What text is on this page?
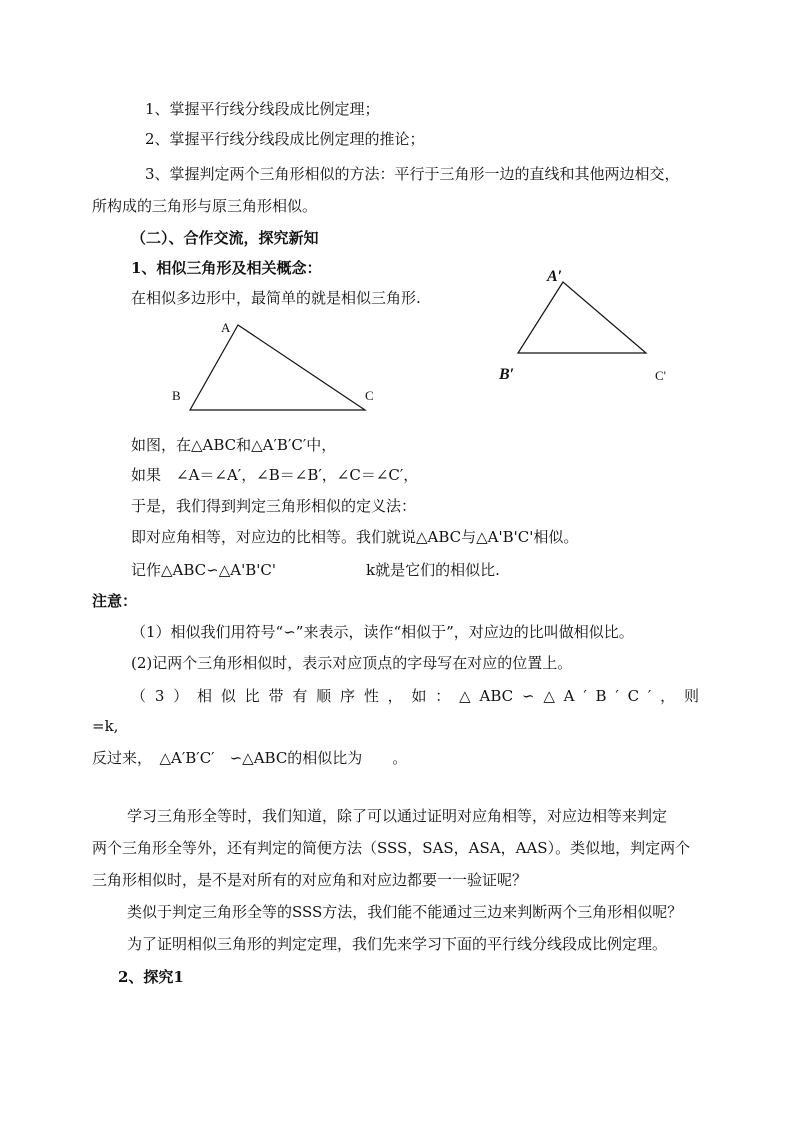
1、掌握平行线分线段成比例定理；
2、掌握平行线分线段成比例定理的推论；
3、掌握判定两个三角形相似的方法：平行于三角形一边的直线和其他两边相交，
所构成的三角形与原三角形相似。
（二）、合作交流，探究新知
1、相似三角形及相关概念：
在相似多边形中，最简单的就是相似三角形.
A
B	C
A′
B′	C'
如图，在△ABC和△A′B′C′中，
如果　∠A＝∠A′，∠B＝∠B′，∠C＝∠C′，
于是，我们得到判定三角形相似的定义法：
即对应角相等，对应边的比相等。我们就说△ABC与△A'B'C'相似。
记作△ABC∽△A'B'C'	k就是它们的相似比.
注意：
（1）相似我们用符号“∽”来表示，读作“相似于”，对应边的比叫做相似比。
(2)记两个三角形相似时，表示对应顶点的字母写在对应的位置上。
（ 3 ） 相 似 比 带 有 顺 序 性 ， 如 ： △ ABC ∽ △ A ′ B ′ C ′ ， 则
=k,
反过来，　△A′B′C′　∽△ABC的相似比为　　。
学习三角形全等时，我们知道，除了可以通过证明对应角相等，对应边相等来判定
两个三角形全等外，还有判定的简便方法（SSS，SAS，ASA，AAS）。类似地，判定两个
三角形相似时，是不是对所有的对应角和对应边都要一一验证呢？
类似于判定三角形全等的SSS方法，我们能不能通过三边来判断两个三角形相似呢？
为了证明相似三角形的判定定理，我们先来学习下面的平行线分线段成比例定理。
2、探究1
